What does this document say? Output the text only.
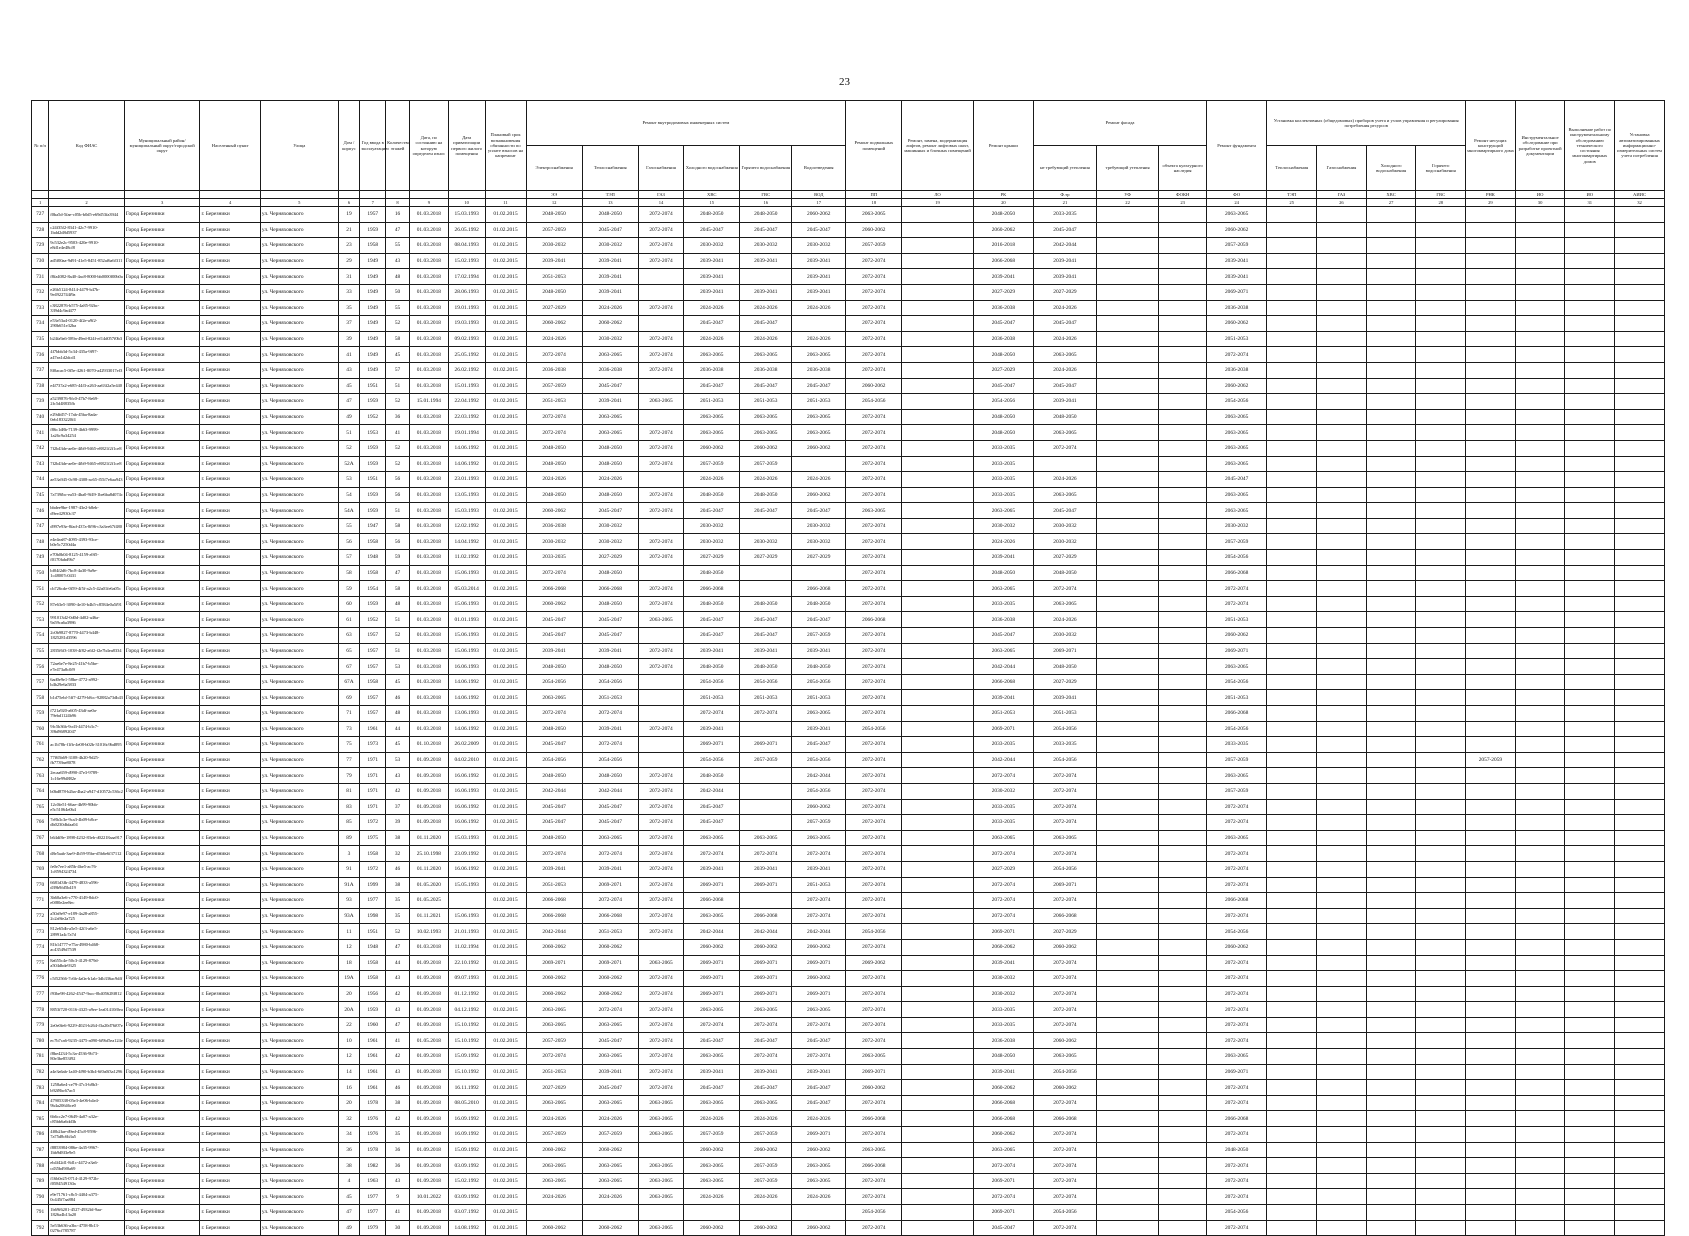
23
№ п/п	Код ФИАС	Муниципальный район/муниципальный округ/городской округ	Населенный пункт	Улица	Дом / корпус	Год ввода в эксплуатацию	Количество этажей	Дата, по состоянию на которую определен износ	Дата приватизации первого жилого помещения	Плановый срок возникновения обязанности по уплате взносов на капремонт	Ремонт внутридомовых инженерных систем						Ремонт подвальных помещений	Ремонт, замена, модернизация лифтов, ремонт лифтовых шахт, машинных и блочных помещений	Ремонт крыши	Ремонт фасада			Ремонт фундамента	Установка коллективных (общедомовых) приборов учета и узлов управления и регулирования потребления ресурсов				Ремонт несущих конструкций многоквартирного дома	Инструментальное обследование при разработке проектной документации	Выполнение работ по инструментальному обследованию технического состояния многоквартирных домов	Установка автоматизированных информационно-измерительных систем учета потребления
											Электроснабжения	Теплоснабжения	Газоснабжения	Холодного водоснабжения	Горячего водоснабжения	Водоотведения				не требующий утепления	требующий утепления	объекта культурного наследия		Теплоснабжения	Газоснабжения	Холодного водоснабжения	Горячего водоснабжения				
											ЭЭ	ТЭП	ГАЗ	ХВС	ГВС	ВОД	ПП	ЛО	РК	Ф.тр	УФ	ФОКН	ФО	ТЭП	ГАЗ	ХВС	ГВС	РНК	ИО	ИО	АИИС
1	2	3	4	5	6	7	8	9	10	11	12	13	14	15	16	17	18	19	20	21	22	23	24	25	26	27	28	29	30	31	32
727	f0ba5d-5fae-c05b-b0d5-e69d53fa3944	Город Березники	г. Березники	ул. Черняховского	19	1957	16	01.03.2018	15.03.1993	01.02.2015	2048-2050	2048-2050	2072-2074	2048-2050	2048-2050	2060-2062	2063-2065		2048-2050	2033-2035			2063-2065								
728	c24f35f2-8341-42c7-9910-1bdd2d8d5937	Город Березники	г. Березники	ул. Черняховского	21	1959	47	01.03.2018	26.05.1992	01.02.2015	2057-2059	2045-2047	2072-2074	2045-2047	2045-2047	2045-2047	2060-2062		2060-2062	2045-2047			2060-2062								
729	9c532e2c-9503-420e-9910-e8d1e4e48cf8	Город Березники	г. Березники	ул. Черняховского	23	1958	55	01.03.2018	08.04.1993	01.02.2015	2030-2032	2030-2032	2072-2074	2030-2032	2030-2032	2030-2032	2057-2059		2016-2018	2042-2044			2057-2059								
730	ad5f00aa-9d91-41e5-8451-852af6a6f311	Город Березники	г. Березники	ул. Черняховского	29	1949	43	01.03.2018	15.02.1993	01.02.2015	2039-2041	2039-2041	2072-2074	2039-2041	2039-2041	2039-2041	2072-2074		2066-2068	2039-2041			2039-2041								
731	f8fa4082-8a40-4ac8-8000-bb0000f00b0a	Город Березники	г. Березники	ул. Черняховского	31	1949	48	01.03.2018	17.02.1994	01.02.2015	2051-2053	2039-2041		2039-2041		2039-2041	2072-2074		2039-2041	2039-2041			2039-2041								
732	e26b5124-8414-4479-b47b-9e4922744f9a	Город Березники	г. Березники	ул. Черняховского	33	1949	50	01.03.2018	28.06.1993	01.02.2015	2048-2050	2039-2041		2039-2041	2039-2041	2039-2041	2072-2074		2027-2029	2027-2029			2069-2071								
733	c3822876-b575-4a85-92bc-339d4c9ad477	Город Березники	г. Березники	ул. Черняховского	35	1949	55	01.03.2018	19.01.1993	01.02.2015	2027-2029	2024-2026	2072-2074	2024-2026	2024-2026	2024-2026	2072-2074		2036-2038	2024-2026			2036-2038								
734	e53e53a4-0120-4f2e-a9f2-290b651e32ba	Город Березники	г. Березники	ул. Черняховского	37	1949	52	01.03.2018	19.03.1993	01.02.2015	2060-2062	2060-2062		2045-2047	2045-2047		2072-2074		2045-2047	2045-2047			2060-2062								
735	b24fa9a6-589a-49ed-824f-ef14d057f0b3	Город Березники	г. Березники	ул. Черняховского	39	1949	58	01.03.2018	09.02.1993	01.02.2015	2024-2026	2030-2032	2072-2074	2024-2026	2024-2026	2024-2026	2072-2074		2036-2038	2024-2026			2051-2053								
736	4f7bbb3d-5c34-435a-9f97-a47ea1d2dcd1	Город Березники	г. Березники	ул. Черняховского	41	1949	45	01.03.2018	25.05.1992	01.02.2015	2072-2074	2063-2065	2072-2074	2063-2065	2063-2065	2063-2065	2072-2074		2048-2050	2063-2065			2072-2074								
737	8f0acac5-0f5e-4261-8070-a42933017ef3	Город Березники	г. Березники	ул. Черняховского	43	1949	57	01.03.2018	26.02.1992	01.02.2015	2036-2038	2036-2038	2072-2074	2036-2038	2036-2038	2036-2038	2072-2074		2027-2029	2024-2026			2036-2038								
738	e4f737a2-e685-44f3-a263-aa63f2a5e440	Город Березники	г. Березники	ул. Черняховского	45	1951	51	01.03.2018	15.01.1993	01.02.2015	2057-2059	2045-2047		2045-2047	2045-2047	2045-2047	2060-2062		2045-2047	2045-2047			2060-2062								
739	a5239876-9fc0-47b7-8e69-2fc5d48835fb	Город Березники	г. Березники	ул. Черняховского	47	1959	52	15.01.1994	22.04.1992	01.02.2015	2051-2053	2039-2041	2063-2065	2051-2053	2051-2053	2051-2053	2054-2056		2054-2056	2039-2041			2054-2056								
740	e29dfd57-17ab-45ba-8ada-0eb1833220f4	Город Березники	г. Березники	ул. Черняховского	49	1952	36	01.03.2018	22.03.1992	01.02.2015	2072-2074	2063-2065		2063-2065	2063-2065	2063-2065	2072-2074		2048-2050	2048-2050			2063-2065								
741	f86c1d8b-7139-4b63-9999-1a26c9a34254	Город Березники	г. Березники	ул. Черняховского	51	1953	41	01.03.2018	19.01.1994	01.02.2015	2072-2074	2063-2065	2072-2074	2063-2065	2063-2065	2063-2065	2072-2074		2048-2050	2063-2065			2063-2065								
742	7f2b43de-ae0e-4fb9-9465-e8821f2f1ce8	Город Березники	г. Березники	ул. Черняховского	52	1959	52	01.03.2018	14.06.1992	01.02.2015	2048-2050	2048-2050	2072-2074	2060-2062	2060-2062	2060-2062	2072-2074		2033-2035	2072-2074			2063-2065								
743	7f2b43de-ae0e-4fb9-9465-e8821f2f1ce8	Город Березники	г. Березники	ул. Черняховского	52А	1959	52	01.03.2018	14.06.1992	01.02.2015	2048-2050	2048-2050	2072-2074	2057-2059	2057-2059		2072-2074		2033-2035				2063-2065								
744	ae53a945-0c98-4308-ac65-f55f7e6aa943	Город Березники	г. Березники	ул. Черняховского	53	1951	56	01.03.2018	23.01.1993	01.02.2015	2024-2026	2024-2026		2024-2026	2024-2026	2024-2026	2072-2074		2033-2035	2024-2026			2045-2047								
745	7a739fbc-ea53-4ba0-9f49-1be6ba8d074c	Город Березники	г. Березники	ул. Черняховского	54	1959	56	01.03.2018	13.05.1993	01.02.2015	2048-2050	2048-2050	2072-2074	2048-2050	2048-2050	2060-2062	2072-2074		2033-2035	2063-2065			2063-2065								
746	bbdee9be-1987-43e2-b8eb-d9ee42930c37	Город Березники	г. Березники	ул. Черняховского	54А	1959	51	01.03.2018	15.03.1993	01.02.2015	2060-2062	2045-2047	2072-2074	2045-2047	2045-2047	2045-2047	2063-2065		2063-2065	2045-2047			2063-2065								
747	d997e93e-8fad-437a-8f96-c3a3ee67f480	Город Березники	г. Березники	ул. Черняховского	55	1947	58	01.03.2018	12.02.1992	01.02.2015	2036-2038	2030-2032		2030-2032		2030-2032	2072-2074		2030-2032	2030-2032			2030-2032								
748	e4e4ea87-4095-4393-93ce-b0e5c7250d4a	Город Березники	г. Березники	ул. Черняховского	56	1958	56	01.03.2018	14.04.1992	01.02.2015	2030-2032	2030-2032	2072-2074	2030-2032	2030-2032	2030-2032	2072-2074		2024-2026	2030-2032			2057-2059								
749	e70b0b04-8125-4159-a9f5-f0170fabd9b7	Город Березники	г. Березники	ул. Черняховского	57	1948	59	01.03.2018	11.02.1992	01.02.2015	2033-2035	2027-2029	2072-2074	2027-2029	2027-2029	2027-2029	2072-2074		2039-2041	2027-2029			2054-2056								
750	bf04f2d6-7bc8-4a30-9a9e-1c48007c0431	Город Березники	г. Березники	ул. Черняховского	58	1958	47	01.03.2018	15.06.1993	01.02.2015	2072-2074	2048-2050		2048-2050			2072-2074		2048-2050	2048-2050			2066-2068								
751	cb726cde-0f59-4f5f-a2c5-42a01fe6a05c	Город Березники	г. Березники	ул. Черняховского	59	1954	58	01.03.2018	05.03.2014	01.02.2015	2066-2068	2066-2068	2072-2074	2066-2068		2066-2068	2072-2074		2063-2065	2072-2074			2072-2074								
752	87e63e5-3090-4e10-b4b5-c8584e0a5f91	Город Березники	г. Березники	ул. Черняховского	60	1959	48	01.03.2018	15.06.1993	01.02.2015	2060-2062	2048-2050	2072-2074	2048-2050	2048-2050	2048-2050	2072-2074		2033-2035	2063-2065			2072-2074								
753	991013d2-0d0d-4d02-a46a-9a59ca6a3986	Город Березники	г. Березники	ул. Черняховского	61	1952	51	01.03.2018	01.01.1993	01.02.2015	2045-2047	2045-2047	2063-2065	2045-2047	2045-2047	2045-2047	2066-2068		2036-2038	2024-2026			2051-2053								
754	2c0b9827-8770-4473-b448-1825281d3596	Город Березники	г. Березники	ул. Черняховского	63	1957	52	01.03.2018	15.06.1993	01.02.2015	2045-2047	2045-2047		2045-2047	2045-2047	2057-2059	2072-2074		2045-2047	2030-2032			2060-2062								
755	2835f6f3-1038-4f82-a6f2-f2e7b4ea8334	Город Березники	г. Березники	ул. Черняховского	65	1957	51	01.03.2018	15.06.1993	01.02.2015	2039-2041	2039-2041	2072-2074	2039-2041	2039-2041	2039-2041	2072-2074		2063-2065	2069-2071			2069-2071								
756	72ae6e7e-8e25-41b7-b5be-e7e473a8c0f9	Город Березники	г. Березники	ул. Черняховского	67	1957	53	01.03.2018	16.06.1993	01.02.2015	2048-2050	2048-2050	2072-2074	2048-2050	2048-2050	2048-2050	2072-2074		2042-2044	2048-2050			2063-2065								
757	6ad0e9e1-58be-4772-a992-b4b29e6a5833	Город Березники	г. Березники	ул. Черняховского	67А	1958	45	01.03.2018	14.06.1992	01.02.2015	2054-2056	2054-2056		2054-2056	2054-2056	2054-2056	2072-2074		2066-2068	2027-2029			2054-2056								
758	b1d75ebf-5ff7-4279-b8cc-92882a73db43	Город Березники	г. Березники	ул. Черняховского	69	1957	46	01.03.2018	14.06.1992	01.02.2015	2063-2065	2051-2053		2051-2053	2051-2053	2051-2053	2072-2074		2039-2041	2039-2041			2051-2053								
759	f721a920-a605-43df-ae0a-79ebd1124b96	Город Березники	г. Березники	ул. Черняховского	71	1957	48	01.03.2018	13.06.1993	01.02.2015	2072-2074	2072-2074		2072-2074	2072-2074	2063-2065	2072-2074		2051-2053	2051-2053			2066-2068								
760	9fc5b36b-9cd3-4474-b3c7-39bf86892047	Город Березники	г. Березники	ул. Черняховского	73	1961	44	01.03.2018	14.06.1992	01.02.2015	2048-2050	2039-2041	2072-2074	2039-2041		2039-2041	2054-2056		2069-2071	2054-2056			2054-2056								
761	ac1b78b-f1fb-4e08-b02b-31016c9bd895	Город Березники	г. Березники	ул. Черняховского	75	1973	45	01.10.2018	26.02.2009	01.02.2015	2045-2047	2072-2074		2069-2071	2069-2071	2045-2047	2072-2074		2033-2035	2033-2035			2033-2035								
762	77f65b69-3108-4b20-9d25-fb7739ae8078	Город Березники	г. Березники	ул. Черняховского	77	1971	53	01.09.2018	04.02.2010	01.02.2015	2054-2056	2054-2056		2054-2056	2057-2059	2054-2056	2072-2074		2042-2044	2054-2056			2057-2059					2057-2059			
763	2ecaa659-d990-47e3-9789-1c16e99d882e	Город Березники	г. Березники	ул. Черняховского	79	1971	43	01.09.2018	16.06.1992	01.02.2015	2048-2050	2048-2050	2072-2074	2048-2050		2042-2044	2072-2074		2072-2074	2072-2074			2063-2065								
764	b0bd878-b2ba-4ba2-a947-d10572c536c2	Город Березники	г. Березники	ул. Черняховского	81	1971	42	01.09.2018	16.06.1993	01.02.2015	2042-2044	2042-2044	2072-2074	2042-2044		2054-2056	2072-2074		2030-2032	2072-2074			2057-2059								
765	12c0fe51-66ae-4b99-90bb-e5c51064e0b4	Город Березники	г. Березники	ул. Черняховского	83	1971	37	01.09.2018	16.06.1992	01.02.2015	2045-2047	2045-2047	2072-2074	2045-2047		2060-2062	2072-2074		2033-2035	2072-2074			2072-2074								
766	7e8b3c3e-9ca3-4b09-b8ce-db0230dbfaa04	Город Березники	г. Березники	ул. Черняховского	85	1972	39	01.09.2018	16.06.1992	01.02.2015	2045-2047	2045-2047	2072-2074	2045-2047		2057-2059	2072-2074		2033-2035	2072-2074			2072-2074								
767	b64df8e-1898-4232-83eb-d02218aaa917	Город Березники	г. Березники	ул. Черняховского	89	1975	38	01.11.2020	15.03.1993	01.02.2015	2048-2050	2063-2065	2072-2074	2063-2065	2063-2065	2063-2065	2072-2074		2063-2065	2063-2065			2063-2065								
768	d8e5aab-3ae9-4b59-95be-d5b6e6f37112	Город Березники	г. Березники	ул. Черняховского	3	1958	32	25.10.1998	23.09.1992	01.02.2015	2072-2074	2072-2074	2072-2074	2072-2074	2072-2074	2072-2074	2072-2074		2072-2074	2072-2074			2072-2074								
769	fe0e7ee1-a85b-4be5-ac76-1c8594324734	Город Березники	г. Березники	ул. Черняховского	91	1972	46	01.11.2020	16.06.1992	01.02.2015	2039-2041	2039-2041	2072-2074	2039-2041	2039-2041	2039-2041	2072-2074		2027-2029	2054-2056			2072-2074								
770	6681d3fb-4479-4833-a596-d39b9fd5b419	Город Березники	г. Березники	ул. Черняховского	91А	1999	38	01.05.2020	15.05.1993	01.02.2015	2051-2053	2069-2071	2072-2074	2069-2071	2069-2071	2051-2053	2072-2074		2072-2074	2069-2071			2072-2074								
771	3b60a3e6-c770-4149-8dc0-e0f80e2ee8ec	Город Березники	г. Березники	ул. Черняховского	93	1977	35	01.05.2025		01.02.2015	2066-2068	2072-2074	2072-2074	2066-2068		2072-2074	2072-2074		2072-2074	2072-2074			2066-2068								
772	a50a9e97-e189-4a28-a855-2c2a9fe2a725	Город Березники	г. Березники	ул. Черняховского	93А	1998	35	01.11.2021	15.06.1993	01.02.2015	2066-2068	2066-2068	2072-2074	2063-2065	2066-2068	2072-2074	2072-2074		2072-2074	2066-2068			2072-2074								
773	812e65db-a5e5-42f3-a6e5-28991a4c7a7d	Город Березники	г. Березники	ул. Черняховского	11	1951	52	10.02.1993	21.01.1993	01.02.2015	2042-2044	2051-2053	2072-2074	2042-2044	2042-2044	2042-2044	2054-2056		2069-2071	2027-2029			2054-2056								
774	81b14777-e75a-4980-b468-ac43549d7539	Город Березники	г. Березники	ул. Черняховского	12	1948	47	01.03.2018	11.02.1994	01.02.2015	2060-2062	2060-2062		2060-2062	2060-2062	2060-2062	2072-2074		2060-2062	2060-2062			2060-2062								
775	8a655c4e-50c3-4129-879d-a504dbde9325	Город Березники	г. Березники	ул. Черняховского	18	1958	44	01.09.2018	22.10.1992	01.02.2015	2069-2071	2069-2071	2063-2065	2069-2071	2069-2071	2069-2071	2069-2062		2039-2041	2072-2074			2072-2074								
776	c5f52566-7c6b-4a0a-b1ab-3db336ac9dff	Город Березники	г. Березники	ул. Черняховского	19А	1958	43	01.09.2018	09.07.1993	01.02.2015	2060-2062	2060-2062	2072-2074	2069-2071	2069-2071	2060-2062	2072-2074		2030-2032	2072-2074			2072-2074								
777	f93be98-4262-4547-9acc-0b405628f812	Город Березники	г. Березники	ул. Черняховского	20	1956	42	01.09.2018	01.12.1992	01.02.2015	2060-2062	2060-2062	2072-2074	2069-2071	2069-2071	2069-2071	2072-2074		2030-2032	2072-2074			2072-2074								
778	8853f720-0116-4325-a9ee-1ea01410f0ea	Город Березники	г. Березники	ул. Черняховского	20А	1959	43	01.09.2018	04.12.1992	01.02.2015	2063-2065	2072-2074	2072-2074	2063-2065	2063-2065	2063-2065	2072-2074		2033-2035	2072-2074			2072-2074								
779	2e0e0fe6-9229-4023-b264-f3a20d76f07e	Город Березники	г. Березники	ул. Черняховского	22	1960	47	01.09.2018	15.10.1992	01.02.2015	2063-2065	2063-2065	2072-2074	2072-2074	2072-2074	2072-2074	2072-2074		2033-2035	2072-2074			2072-2074								
780	ec7b7ca6-9235-4475-a090-6f9bf5ea124e	Город Березники	г. Березники	ул. Черняховского	10	1961	41	01.05.2018	15.10.1992	01.02.2015	2057-2059	2045-2047	2072-2074	2045-2047	2045-2047	2045-2047	2072-2074		2036-2038	2060-2062			2072-2074								
781	f8be4234-5c3a-4536-9b73-80e3be853f92	Город Березники	г. Березники	ул. Черняховского	12	1961	42	01.09.2018	15.09.1992	01.02.2015	2072-2074	2063-2065	2072-2074	2063-2065	2072-2074	2072-2074	2063-2065		2048-2050	2063-2065			2063-2065								
782	a4e3a6ab-1a40-4f90-b3b4-6f0a0f3a1296	Город Березники	г. Березники	ул. Черняховского	14	1961	43	01.09.2018	15.10.1992	01.02.2015	2051-2053	2039-2041	2072-2074	2039-2041	2039-2041	2039-2041	2069-2071		2039-2041	2054-2056			2069-2071								
783	1258a6e4-ce79-47c3-b8b3-b92f8bc67ac5	Город Березники	г. Березники	ул. Черняховского	16	1961	46	01.09.2018	16.11.1992	01.02.2015	2027-2029	2045-2047	2072-2074	2045-2047	2045-2047	2045-2047	2060-2062		2060-2062	2060-2062			2072-2074								
784	47905338-05e3-4e06-b4e4-9b4a20646ce0	Город Березники	г. Березники	ул. Черняховского	20	1978	38	01.09.2018	08.05.2010	01.02.2015	2063-2065	2063-2065	2063-2065	2063-2065	2063-2065	2045-2047	2072-2074		2066-2068	2072-2074			2072-2074								
785	6b6cc2e7-0649-4a07-a32e-c85bb6a6dd3b	Город Березники	г. Березники	ул. Черняховского	32	1976	42	01.09.2018	16.09.1992	01.02.2015	2024-2026	2024-2026	2063-2065	2024-2026	2024-2026	2024-2026	2066-2068		2066-2068	2066-2068			2066-2068								
786	4f0b2fae-d9ed-45c8-9596-7a75d8c6b3a5	Город Березники	г. Березники	ул. Черняховского	34	1976	35	01.09.2018	16.09.1992	01.02.2015	2057-2059	2057-2059	2063-2065	2057-2059	2057-2059	2069-2071	2072-2074		2060-2062	2072-2074			2072-2074								
787	f8853984-086e-4a35-9967-1bb9d8f3e9e5	Город Березники	г. Березники	ул. Черняховского	36	1978	36	01.09.2018	15.09.1992	01.02.2015	2060-2062	2060-2062		2060-2062	2060-2062	2060-2062	2063-2065		2063-2065	2072-2074			2048-2050								
788	eb4f42d1-8d1c-4472-a3a6-cd35bd9f0a69	Город Березники	г. Березники	ул. Черняховского	38	1982	36	01.09.2018	03.09.1992	01.02.2015	2063-2065	2063-2065	2063-2065	2063-2065	2057-2059	2063-2065	2066-2068		2072-2074	2072-2074			2072-2074								
789	f16b0e25-0714-4129-972b-f0584549130a	Город Березники	г. Березники	ул. Черняховского	4	1963	43	01.09.2018	15.02.1992	01.02.2015	2063-2065	2063-2065	2063-2065	2063-2065	2057-2059	2063-2065	2072-2074		2069-2071	2072-2074			2072-2074								
790	e9e71761-c8c5-4404-a375-0c445f7aa884	Город Березники	г. Березники	ул. Черняховского	45	1977	9	10.01.2022	03.09.1992	01.02.2015	2024-2026	2024-2026	2063-2065	2024-2026	2024-2026	2024-2026	2072-2074		2072-2074	2072-2074			2072-2074								
791	1b69f6201-4527-4932fd-9aa-1826a4b13a20	Город Березники	г. Березники	ул. Черняховского	47	1977	41	01.09.2018	03.07.1992	01.02.2015							2054-2056		2069-2071	2054-2056			2054-2056								
792	5e53b636-a3bc-4758-8b13-0276cf785787	Город Березники	г. Березники	ул. Черняховского	49	1979	30	01.09.2018	14.08.1992	01.02.2015	2060-2062	2060-2062	2063-2065	2060-2062	2060-2062	2060-2062	2072-2074		2045-2047	2072-2074			2072-2074								
